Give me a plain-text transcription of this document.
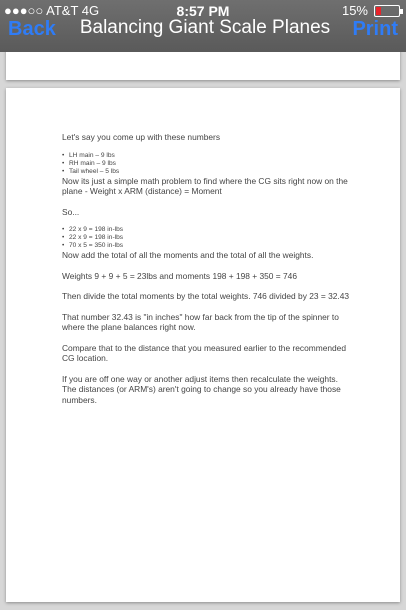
●●●○○ AT&T 4G	8:57 PM	15%
Back	Balancing Giant Scale Planes	Print

Let's say you come up with these numbers

• LH main – 9 lbs
• RH main – 9 lbs
• Tail wheel – 5 lbs

Now its just a simple math problem to find where the CG sits right now on the plane - Weight x ARM (distance) = Moment

So...

• 22 x 9 = 198 in-lbs
• 22 x 9 = 198 in-lbs
• 70 x 5 = 350 in-lbs

Now add the total of all the moments and the total of all the weights.

Weights 9 + 9 + 5 = 23lbs and moments 198 + 198 + 350 = 746

Then divide the total moments by the total weights. 746 divided by 23 = 32.43

That number 32.43 is "in inches" how far back from the tip of the spinner to where the plane balances right now.

Compare that to the distance that you measured earlier to the recommended CG location.

If you are off one way or another adjust items then recalculate the weights. The distances (or ARM's) aren't going to change so you already have those numbers.
